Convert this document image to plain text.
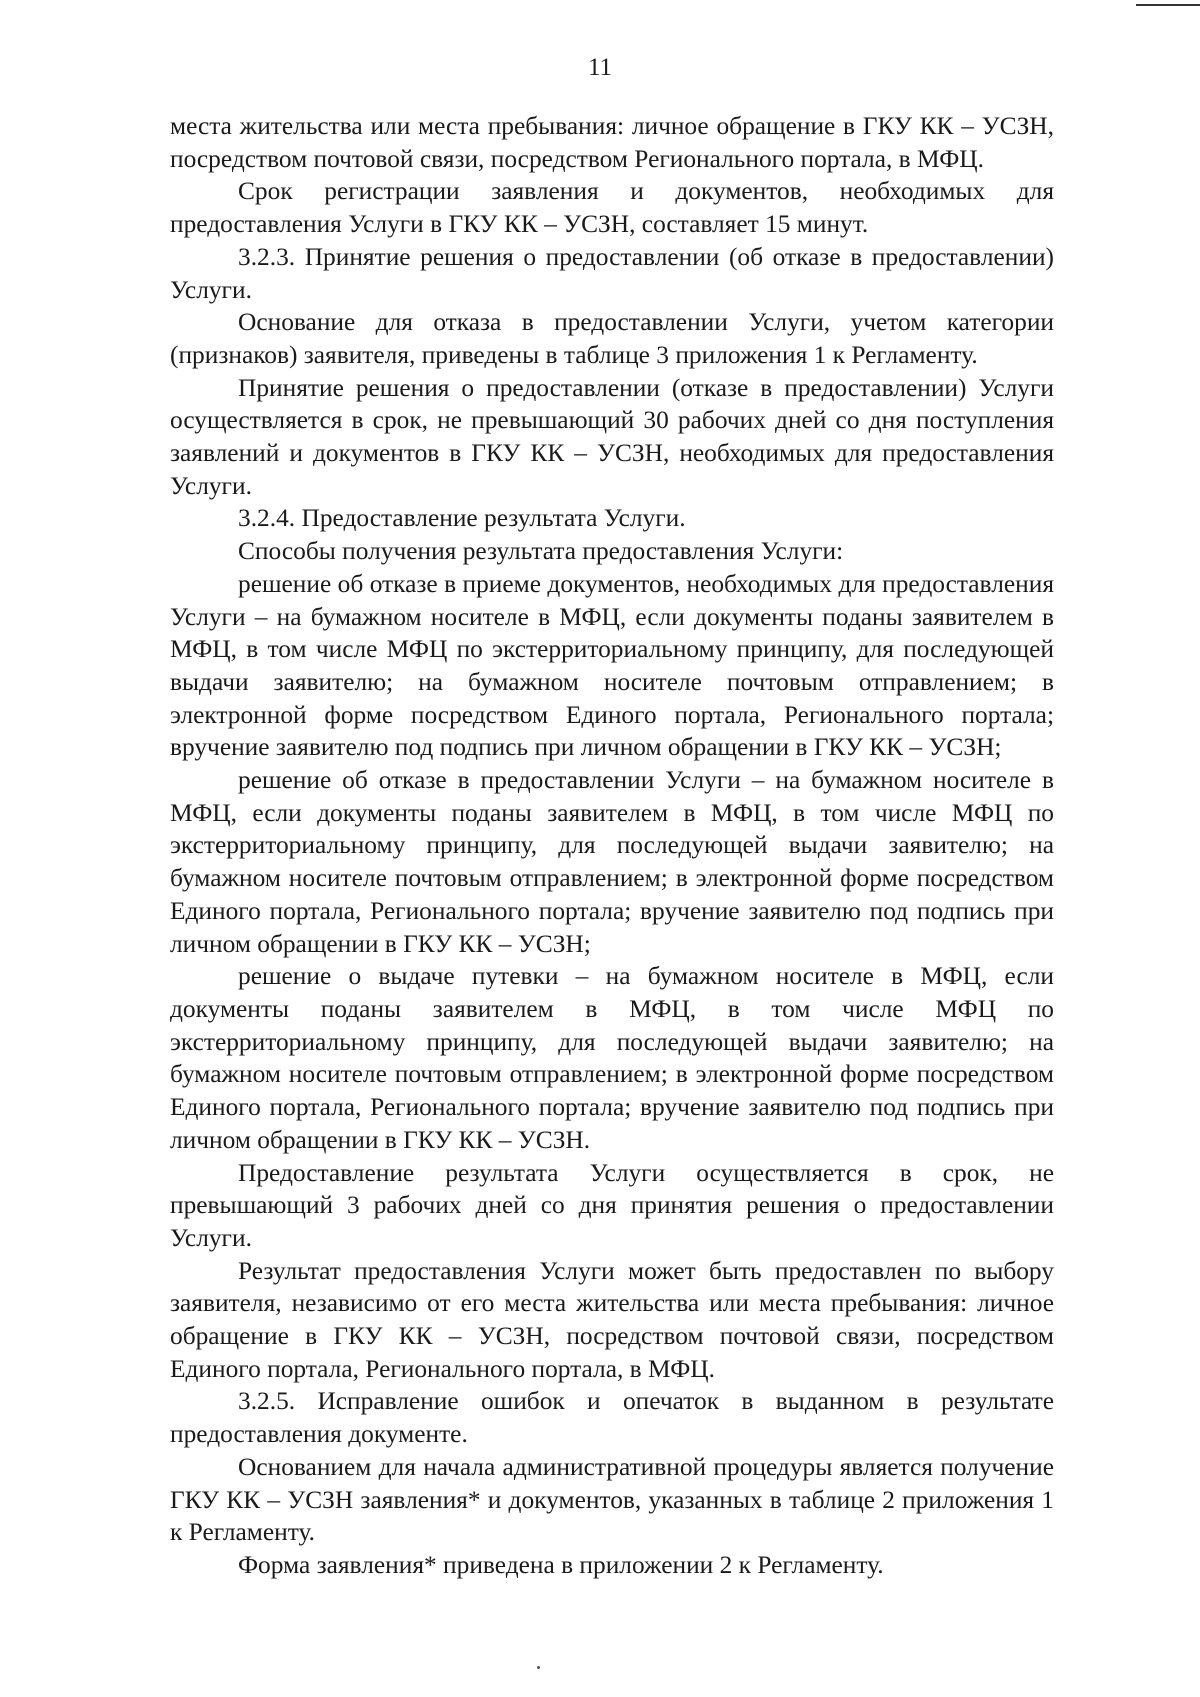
11

места жительства или места пребывания: личное обращение в ГКУ КК – УСЗН, посредством почтовой связи, посредством Регионального портала, в МФЦ.

Срок регистрации заявления и документов, необходимых для предоставления Услуги в ГКУ КК – УСЗН, составляет 15 минут.

3.2.3. Принятие решения о предоставлении (об отказе в предоставлении) Услуги.

Основание для отказа в предоставлении Услуги, учетом категории (признаков) заявителя, приведены в таблице 3 приложения 1 к Регламенту.

Принятие решения о предоставлении (отказе в предоставлении) Услуги осуществляется в срок, не превышающий 30 рабочих дней со дня поступления заявлений и документов в ГКУ КК – УСЗН, необходимых для предоставления Услуги.

3.2.4. Предоставление результата Услуги.

Способы получения результата предоставления Услуги:

решение об отказе в приеме документов, необходимых для предоставления Услуги – на бумажном носителе в МФЦ, если документы поданы заявителем в МФЦ, в том числе МФЦ по экстерриториальному принципу, для последующей выдачи заявителю; на бумажном носителе почтовым отправлением; в электронной форме посредством Единого портала, Регионального портала; вручение заявителю под подпись при личном обращении в ГКУ КК – УСЗН;

решение об отказе в предоставлении Услуги – на бумажном носителе в МФЦ, если документы поданы заявителем в МФЦ, в том числе МФЦ по экстерриториальному принципу, для последующей выдачи заявителю; на бумажном носителе почтовым отправлением; в электронной форме посредством Единого портала, Регионального портала; вручение заявителю под подпись при личном обращении в ГКУ КК – УСЗН;

решение о выдаче путевки – на бумажном носителе в МФЦ, если документы поданы заявителем в МФЦ, в том числе МФЦ по экстерриториальному принципу, для последующей выдачи заявителю; на бумажном носителе почтовым отправлением; в электронной форме посредством Единого портала, Регионального портала; вручение заявителю под подпись при личном обращении в ГКУ КК – УСЗН.

Предоставление результата Услуги осуществляется в срок, не превышающий 3 рабочих дней со дня принятия решения о предоставлении Услуги.

Результат предоставления Услуги может быть предоставлен по выбору заявителя, независимо от его места жительства или места пребывания: личное обращение в ГКУ КК – УСЗН, посредством почтовой связи, посредством Единого портала, Регионального портала, в МФЦ.

3.2.5. Исправление ошибок и опечаток в выданном в результате предоставления документе.

Основанием для начала административной процедуры является получение ГКУ КК – УСЗН заявления* и документов, указанных в таблице 2 приложения 1 к Регламенту.

Форма заявления* приведена в приложении 2 к Регламенту.
